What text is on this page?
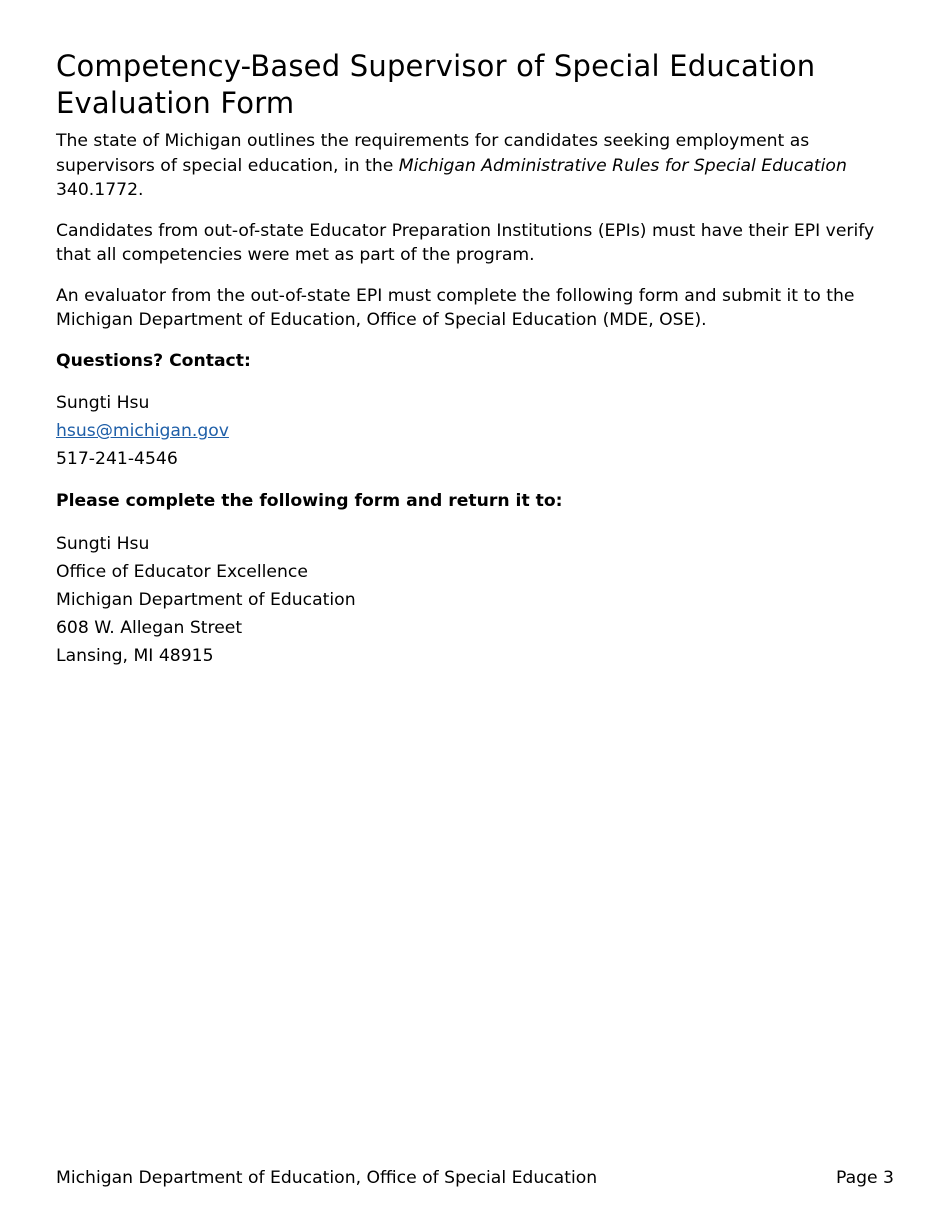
Competency-Based Supervisor of Special Education Evaluation Form

The state of Michigan outlines the requirements for candidates seeking employment as supervisors of special education, in the Michigan Administrative Rules for Special Education 340.1772.

Candidates from out-of-state Educator Preparation Institutions (EPIs) must have their EPI verify that all competencies were met as part of the program.

An evaluator from the out-of-state EPI must complete the following form and submit it to the Michigan Department of Education, Office of Special Education (MDE, OSE).

Questions? Contact:

Sungti Hsu
hsus@michigan.gov
517-241-4546

Please complete the following form and return it to:

Sungti Hsu
Office of Educator Excellence
Michigan Department of Education
608 W. Allegan Street
Lansing, MI 48915
Michigan Department of Education, Office of Special Education	Page 3
